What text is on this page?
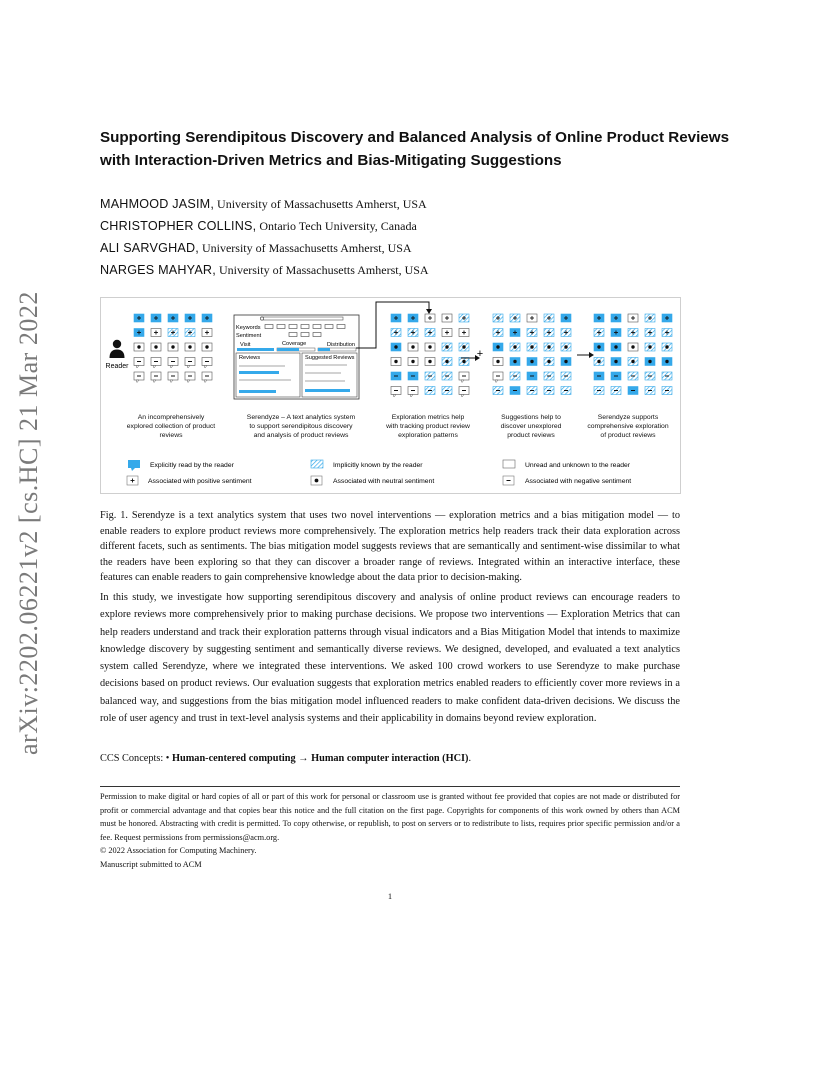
arXiv:2202.06221v2 [cs.HC] 21 Mar 2022
Supporting Serendipitous Discovery and Balanced Analysis of Online Product Reviews with Interaction-Driven Metrics and Bias-Mitigating Suggestions
MAHMOOD JASIM, University of Massachusetts Amherst, USA
CHRISTOPHER COLLINS, Ontario Tech University, Canada
ALI SARVGHAD, University of Massachusetts Amherst, USA
NARGES MAHYAR, University of Massachusetts Amherst, USA
Reader
Keywords
Sentiment
Visit	Coverage	Distribution
Reviews	Suggested Reviews	+
An incomprehensively
explored collection of product
reviews
Serendyze – A text analytics system
to support serendipitous discovery
and analysis of product reviews
Exploration metrics help
with tracking product review
exploration patterns
Suggestions help to
discover unexplored
product reviews
Serendyze supports
comprehensive exploration
of product reviews
Explicitly read by the reader	Implicitly known by the reader	Unread and unknown to the reader
Associated with positive sentiment	Associated with neutral sentiment	Associated with negative sentiment
Fig. 1. Serendyze is a text analytics system that uses two novel interventions — exploration metrics and a bias mitigation model — to enable readers to explore product reviews more comprehensively. The exploration metrics help readers track their data exploration across different facets, such as sentiments. The bias mitigation model suggests reviews that are semantically and sentiment-wise dissimilar to what the readers have been exploring so that they can discover a broader range of reviews. Integrated within an interactive interface, these features can enable readers to gain comprehensive knowledge about the data prior to decision-making.
In this study, we investigate how supporting serendipitous discovery and analysis of online product reviews can encourage readers to explore reviews more comprehensively prior to making purchase decisions. We propose two interventions — Exploration Metrics that can help readers understand and track their exploration patterns through visual indicators and a Bias Mitigation Model that intends to maximize knowledge discovery by suggesting sentiment and semantically diverse reviews. We designed, developed, and evaluated a text analytics system called Serendyze, where we integrated these interventions. We asked 100 crowd workers to use Serendyze to make purchase decisions based on product reviews. Our evaluation suggests that exploration metrics enabled readers to efficiently cover more reviews in a balanced way, and suggestions from the bias mitigation model influenced readers to make confident data-driven decisions. We discuss the role of user agency and trust in text-level analysis systems and their applicability in domains beyond review exploration.
CCS Concepts: • Human-centered computing → Human computer interaction (HCI).
Permission to make digital or hard copies of all or part of this work for personal or classroom use is granted without fee provided that copies are not made or distributed for profit or commercial advantage and that copies bear this notice and the full citation on the first page. Copyrights for components of this work owned by others than ACM must be honored. Abstracting with credit is permitted. To copy otherwise, or republish, to post on servers or to redistribute to lists, requires prior specific permission and/or a fee. Request permissions from permissions@acm.org.
© 2022 Association for Computing Machinery.
Manuscript submitted to ACM
1
